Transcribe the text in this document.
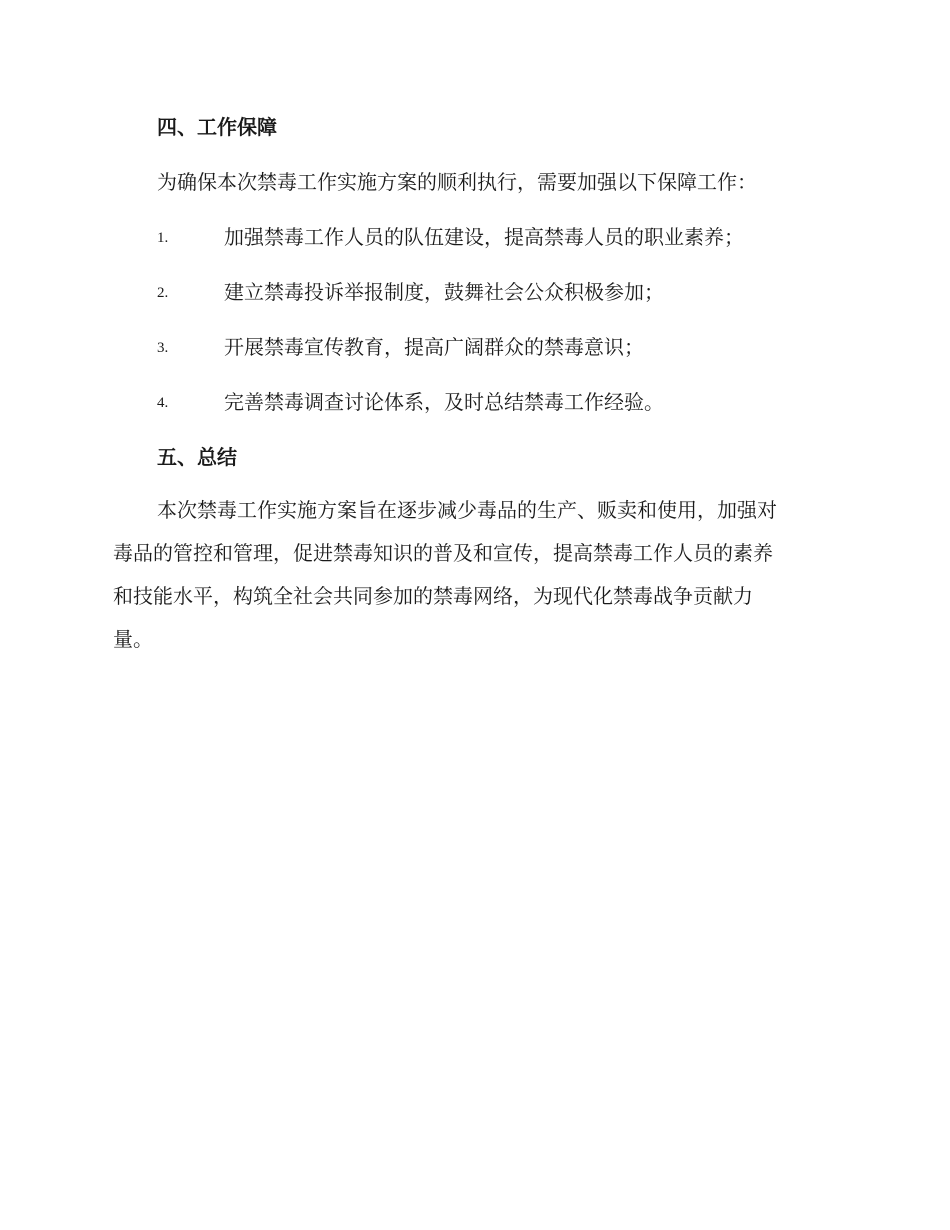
四、工作保障

为确保本次禁毒工作实施方案的顺利执行，需要加强以下保障工作：

1.	加强禁毒工作人员的队伍建设，提高禁毒人员的职业素养；
2.	建立禁毒投诉举报制度，鼓舞社会公众积极参加；
3.	开展禁毒宣传教育，提高广阔群众的禁毒意识；
4.	完善禁毒调查讨论体系，及时总结禁毒工作经验。
五、总结

本次禁毒工作实施方案旨在逐步减少毒品的生产、贩卖和使用，加强对
毒品的管控和管理，促进禁毒知识的普及和宣传，提高禁毒工作人员的素养
和技能水平，构筑全社会共同参加的禁毒网络，为现代化禁毒战争贡献力
量。
